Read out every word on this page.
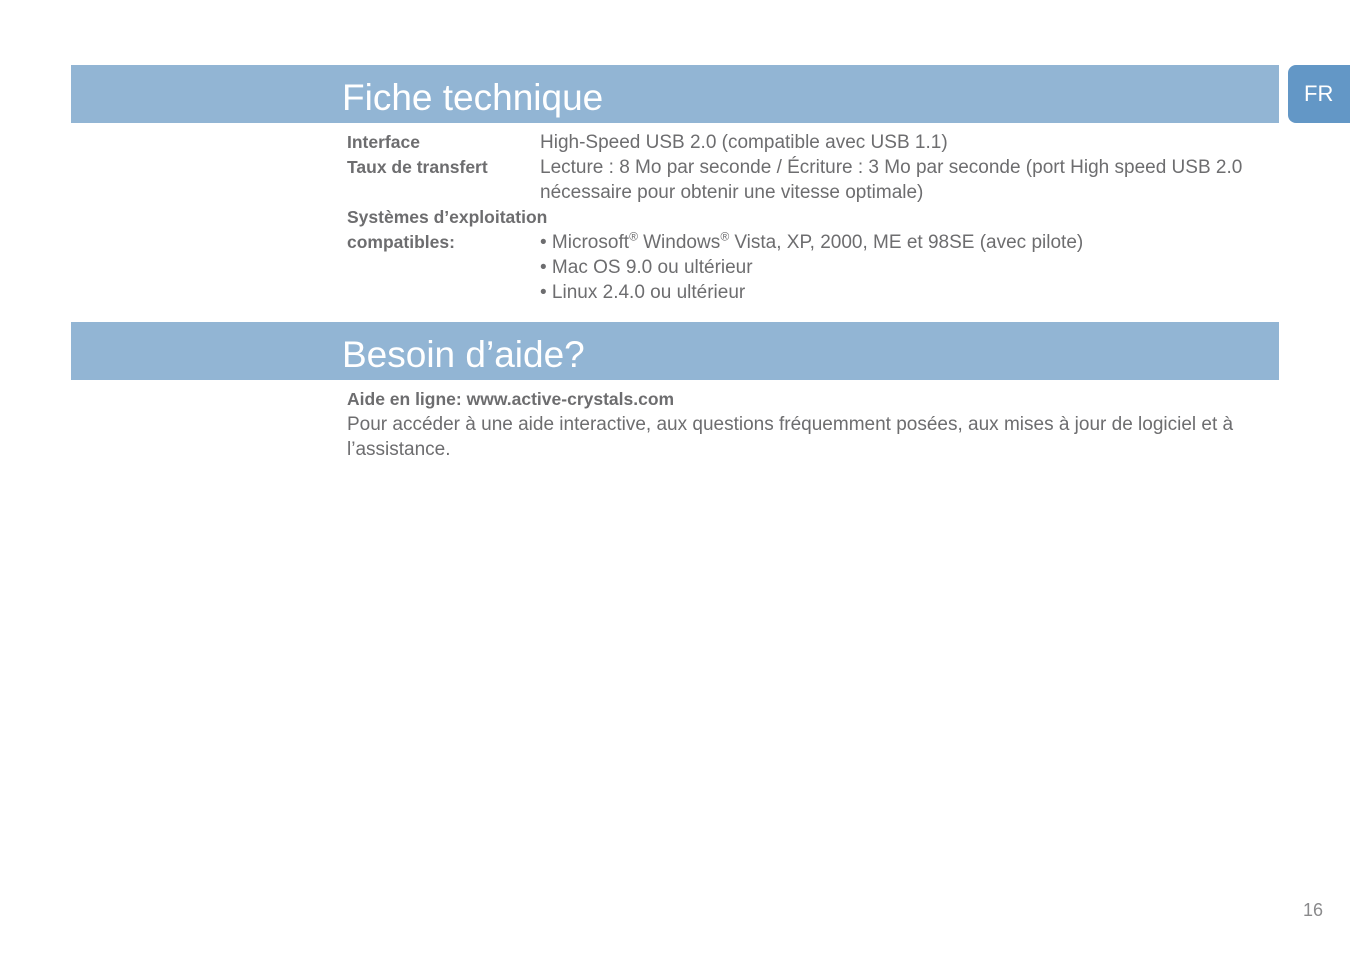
Fiche technique	FR
Interface	High-Speed USB 2.0 (compatible avec USB 1.1)
Taux de transfert	Lecture : 8 Mo par seconde / Écriture : 3 Mo par seconde (port High speed USB 2.0 nécessaire pour obtenir une vitesse optimale)
Systèmes d’exploitation
compatibles:	• Microsoft® Windows® Vista, XP, 2000, ME et 98SE (avec pilote)
• Mac OS 9.0 ou ultérieur
• Linux 2.4.0 ou ultérieur
Besoin d’aide?
Aide en ligne: www.active-crystals.com
Pour accéder à une aide interactive, aux questions fréquemment posées, aux mises à jour de logiciel et à l’assistance.
16
